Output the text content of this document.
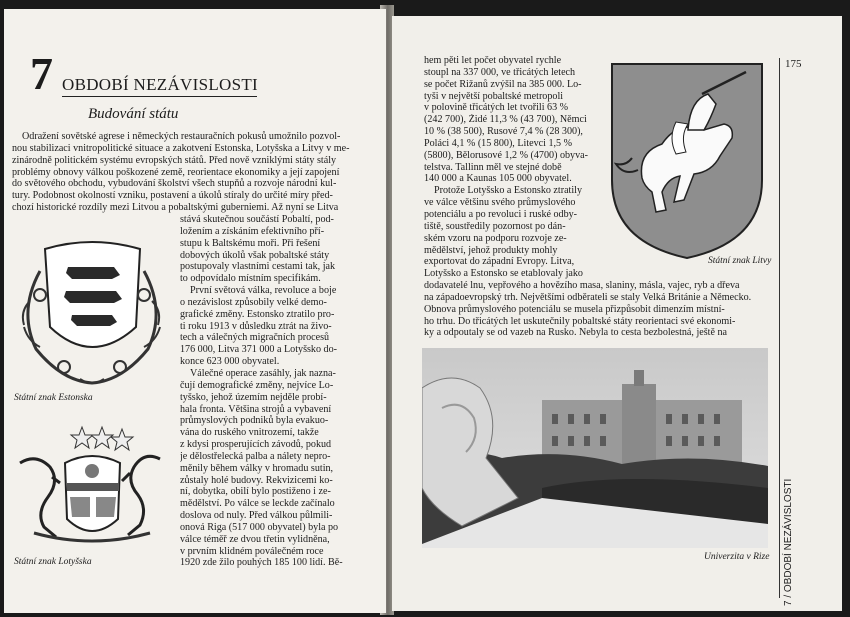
7 OBDOBÍ NEZÁVISLOSTI
Budování státu
Odražení sovětské agrese i německých restauračních pokusů umožnilo pozvol-
nou stabilizaci vnitropolitické situace a zakotvení Estonska, Lotyšska a Litvy v me-
zinárodně politickém systému evropských států. Před nově vzniklými státy stály
problémy obnovy válkou poškozené země, reorientace ekonomiky a její zapojení
do světového obchodu, vybudování školství všech stupňů a rozvoje národní kul-
tury. Podobnost okolností vzniku, postavení a úkolů stíraly do určité míry před-
chozí historické rozdíly mezi Litvou a pobaltskými guberniemi. Až nyní se Litva
stává skutečnou součástí Pobaltí, pod-
ložením a získáním efektivního pří-
stupu k Baltskému moři. Při řešení
dobových úkolů však pobaltské státy
postupovaly vlastními cestami tak, jak
to odpovídalo místním specifikám.
První světová válka, revoluce a boje
o nezávislost způsobily velké demo-
grafické změny. Estonsko ztratilo pro-
ti roku 1913 v důsledku ztrát na živo-
tech a válečných migračních procesů
176 000, Litva 371 000 a Lotyšsko do-
konce 623 000 obyvatel.
Válečné operace zasáhly, jak nazna-
čují demografické změny, nejvíce Lo-
tyšsko, jehož územím nejděle probí-
hala fronta. Většina strojů a vybavení
průmyslových podniků byla evakuo-
vána do ruského vnitrozemí, takže
z kdysi prosperujících závodů, pokud
je dělostřelecká palba a nálety nepro-
měnily během války v hromadu sutin,
zůstaly holé budovy. Rekvizicemi ko-
ní, dobytka, obilí bylo postiženo i ze-
mědělství. Po válce se leckde začínalo
doslova od nuly. Před válkou půlmili-
onová Riga (517 000 obyvatel) byla po
válce téměř ze dvou třetin vylidněna,
v prvním klidném poválečném roce
1920 zde žilo pouhých 185 100 lidí. Bě-
Státní znak Estonska
Státní znak Lotyšska
hem pěti let počet obyvatel rychle
stoupl na 337 000, ve třicátých letech
se počet Rižanů zvýšil na 385 000. Lo-
tyši v největší pobaltské metropoli
v polovině třicátých let tvořili 63 %
(242 700), Židé 11,3 % (43 700), Němci
10 % (38 500), Rusové 7,4 % (28 300),
Poláci 4,1 % (15 800), Litevci 1,5 %
(5800), Bělorusové 1,2 % (4700) obyva-
telstva. Tallinn měl ve stejné době
140 000 a Kaunas 105 000 obyvatel.
Protože Lotyšsko a Estonsko ztratily
ve válce většinu svého průmyslového
potenciálu a po revoluci i ruské odby-
tiště, soustředily pozornost po dán-
ském vzoru na podporu rozvoje ze-
mědělství, jehož produkty mohly
exportovat do západní Evropy. Litva,
Lotyšsko a Estonsko se etablovaly jako
Státní znak Litvy
dodavatelé lnu, vepřového a hovězího masa, slaniny, másla, vajec, ryb a dřeva
na západoevropský trh. Největšími odběrateli se staly Velká Británie a Německo.
Obnova průmyslového potenciálu se musela přizpůsobit dimenzím místní-
ho trhu. Do třicátých let uskutečnily pobaltské státy reorientaci své ekonomi-
ky a odpoutaly se od vazeb na Rusko. Nebyla to cesta bezbolestná, ještě na
Univerzita v Rize
175
7 / OBDOBÍ NEZÁVISLOSTI
